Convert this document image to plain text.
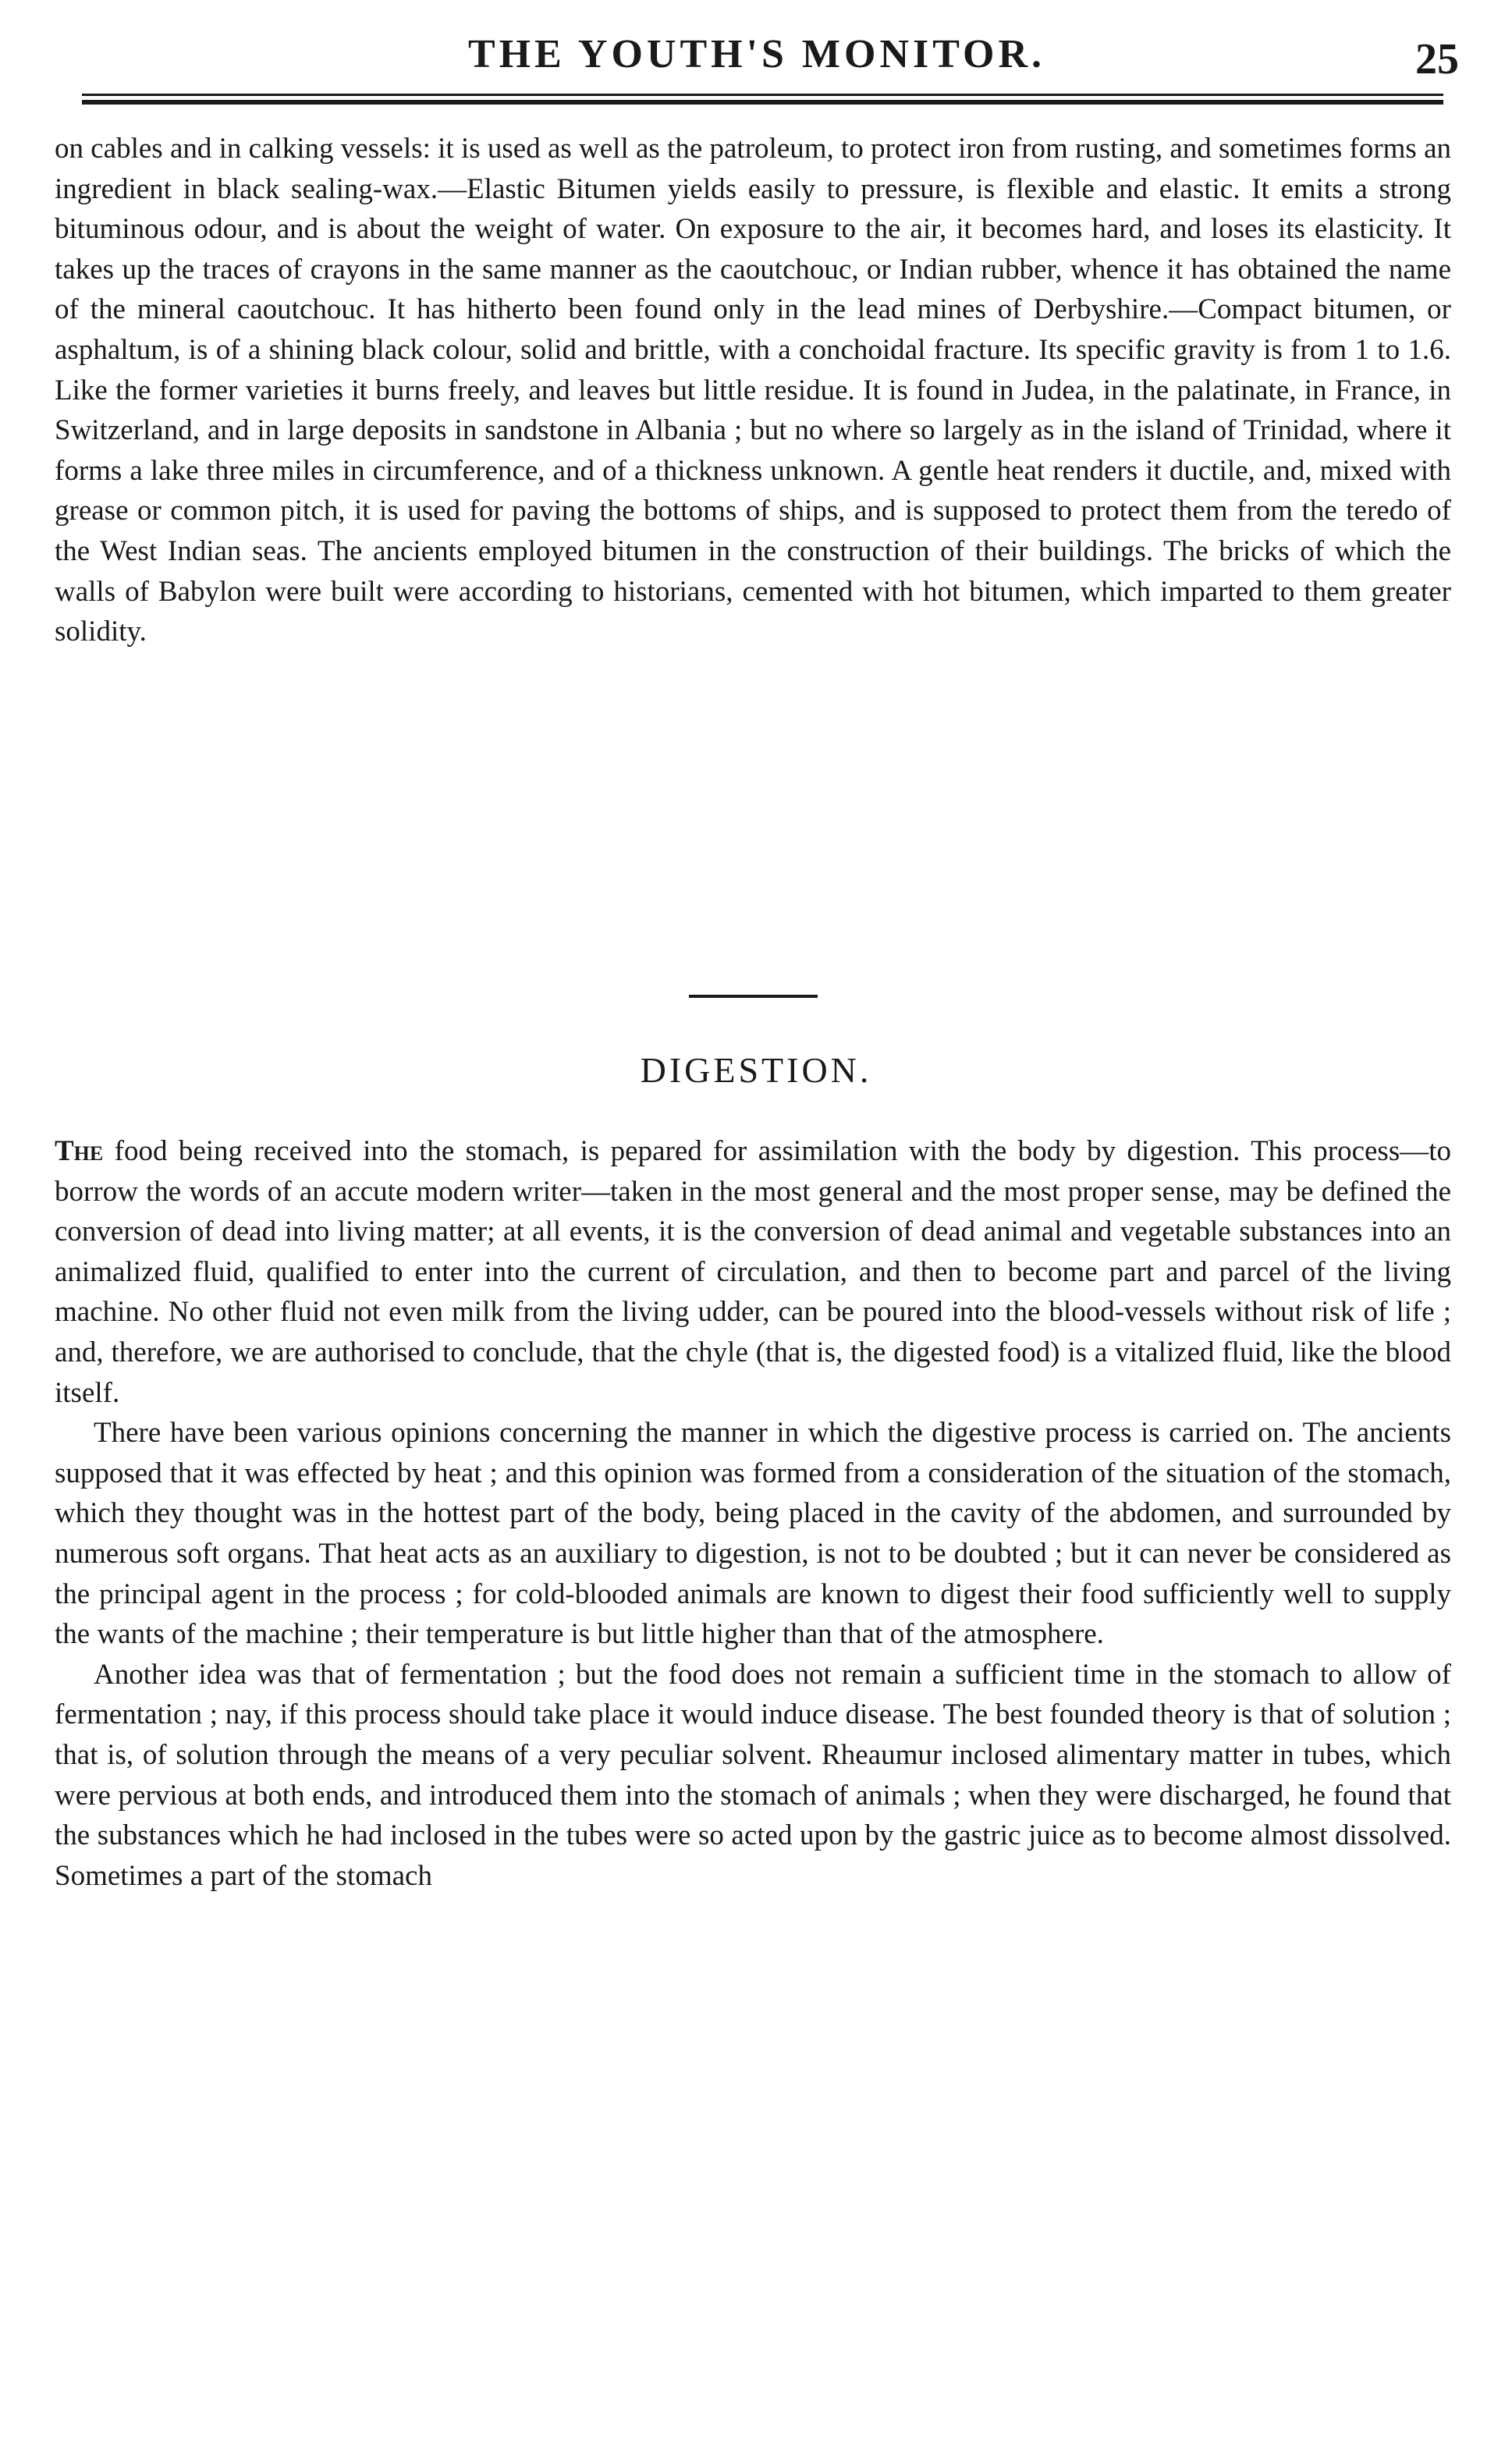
THE YOUTH'S MONITOR.	25

on cables and in calking vessels: it is used as well as the patroleum, to protect iron from rusting, and sometimes forms an ingredient in black sealing-wax.—Elastic Bitumen yields easily to pressure, is flexible and elastic. It emits a strong bituminous odour, and is about the weight of water. On exposure to the air, it becomes hard, and loses its elasticity. It takes up the traces of crayons in the same manner as the caoutchouc, or Indian rubber, whence it has obtained the name of the mineral caoutchouc. It has hitherto been found only in the lead mines of Derbyshire.—Compact bitumen, or asphaltum, is of a shining black colour, solid and brittle, with a conchoidal fracture. Its specific gravity is from 1 to 1.6. Like the former varieties it burns freely, and leaves but little residue. It is found in Judea, in the palatinate, in France, in Switzerland, and in large deposits in sandstone in Albania ; but no where so largely as in the island of Trinidad, where it forms a lake three miles in circumference, and of a thickness unknown. A gentle heat renders it ductile, and, mixed with grease or common pitch, it is used for paving the bottoms of ships, and is supposed to protect them from the teredo of the West Indian seas. The ancients employed bitumen in the construction of their buildings. The bricks of which the walls of Babylon were built were according to historians, cemented with hot bitumen, which imparted to them greater solidity.

DIGESTION.

The food being received into the stomach, is pepared for assimilation with the body by digestion. This process—to borrow the words of an accute modern writer—taken in the most general and the most proper sense, may be defined the conversion of dead into living matter; at all events, it is the conversion of dead animal and vegetable substances into an animalized fluid, qualified to enter into the current of circulation, and then to become part and parcel of the living machine. No other fluid not even milk from the living udder, can be poured into the blood-vessels without risk of life ; and, therefore, we are authorised to conclude, that the chyle (that is, the digested food) is a vitalized fluid, like the blood itself.

There have been various opinions concerning the manner in which the digestive process is carried on. The ancients supposed that it was effected by heat ; and this opinion was formed from a consideration of the situation of the stomach, which they thought was in the hottest part of the body, being placed in the cavity of the abdomen, and surrounded by numerous soft organs. That heat acts as an auxiliary to digestion, is not to be doubted ; but it can never be considered as the principal agent in the process ; for cold-blooded animals are known to digest their food sufficiently well to supply the wants of the machine ; their temperature is but little higher than that of the atmosphere.

Another idea was that of fermentation ; but the food does not remain a sufficient time in the stomach to allow of fermentation ; nay, if this process should take place it would induce disease. The best founded theory is that of solution ; that is, of solution through the means of a very peculiar solvent. Rheaumur inclosed alimentary matter in tubes, which were pervious at both ends, and introduced them into the stomach of animals ; when they were discharged, he found that the substances which he had inclosed in the tubes were so acted upon by the gastric juice as to become almost dissolved. Sometimes a part of the stomach
